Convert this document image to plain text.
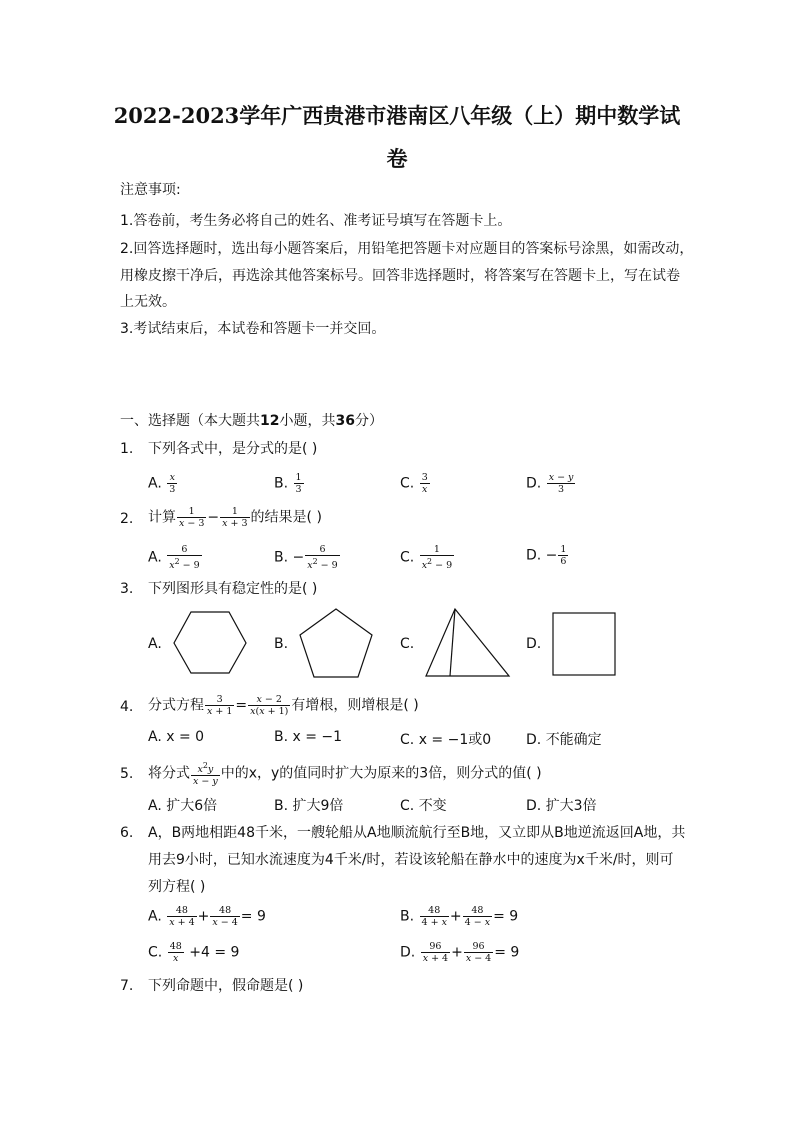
2022-2023学年广西贵港市港南区八年级（上）期中数学试
卷
注意事项:
1.答卷前，考生务必将自己的姓名、准考证号填写在答题卡上。
2.回答选择题时，选出每小题答案后，用铅笔把答题卡对应题目的答案标号涂黑，如需改动，
用橡皮擦干净后，再选涂其他答案标号。回答非选择题时，将答案写在答题卡上，写在试卷
上无效。
3.考试结束后，本试卷和答题卡一并交回。
一、选择题（本大题共12小题，共36分）
1. 下列各式中，是分式的是( )
A. $\frac{x}{3}$	B. $\frac{1}{3}$	C. $\frac{3}{x}$	D. $\frac{x - y}{3}$
2. 计算 $\frac{1}{x - 3} - \frac{1}{x + 3}$ 的结果是( )
A. $\frac{6}{x^2 - 9}$	B. − $\frac{6}{x^2 - 9}$	C. $\frac{1}{x^2 - 9}$	D. − $\frac{1}{6}$
3. 下列图形具有稳定性的是( )
A.	B.	C.	D.
4. 分式方程 $\frac{3}{x + 1} = \frac{x - 2}{x(x + 1)}$ 有增根，则增根是( )
A. x = 0	B. x = −1	C. x = −1或0 D. 不能确定
5. 将分式 $\frac{x^2y}{x - y}$ 中的x，y的值同时扩大为原来的3倍，则分式的值( )
A. 扩大6倍	B. 扩大9倍	C. 不变	D. 扩大3倍
6. A，B两地相距48千米，一艘轮船从A地顺流航行至B地，又立即从B地逆流返回A地，共
用去9小时，已知水流速度为4千米/时，若设该轮船在静水中的速度为x千米/时，则可
列方程( )
A. $\frac{48}{x + 4} + \frac{48}{x - 4} = 9$	B. $\frac{48}{4 + x} + \frac{48}{4 - x} = 9$
C. $\frac{48}{x} +4 = 9$	D. $\frac{96}{x + 4} + \frac{96}{x - 4} = 9$
7. 下列命题中，假命题是( )
